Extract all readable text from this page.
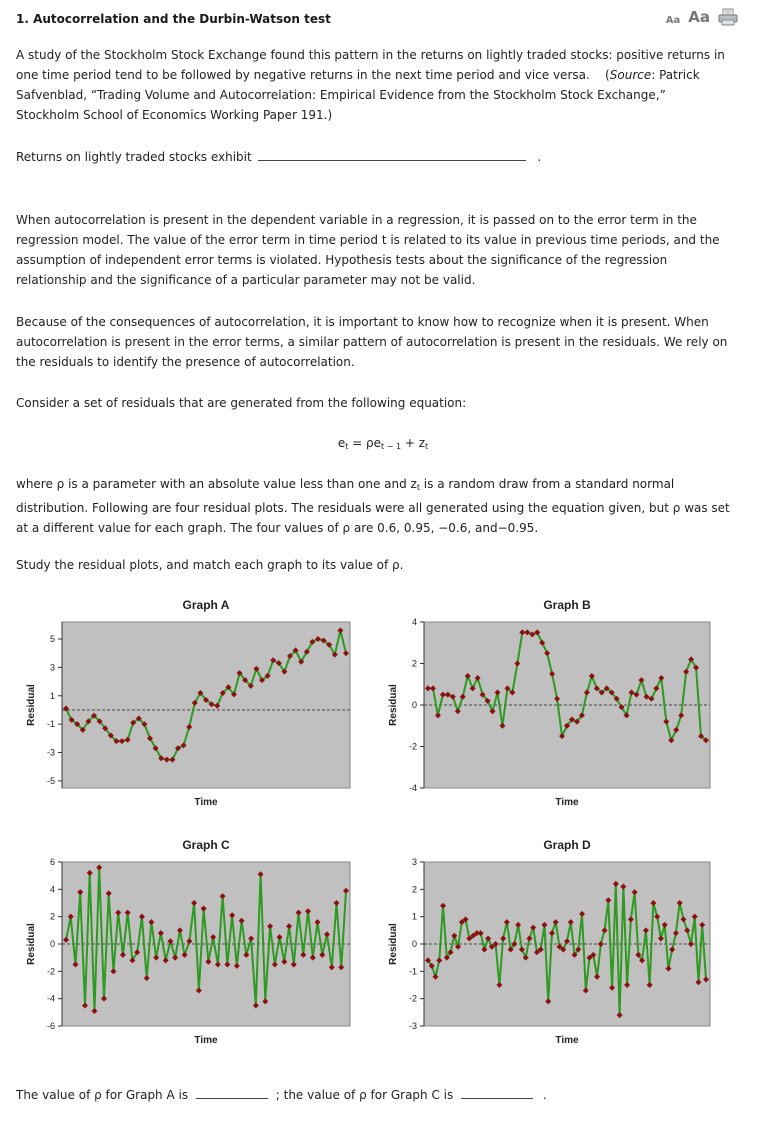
1. Autocorrelation and the Durbin-Watson test	Aa Aa
A study of the Stockholm Stock Exchange found this pattern in the returns on lightly traded stocks: positive returns in one time period tend to be followed by negative returns in the next time period and vice versa.    (Source: Patrick Safvenblad, “Trading Volume and Autocorrelation: Empirical Evidence from the Stockholm Stock Exchange,” Stockholm School of Economics Working Paper 191.)
Returns on lightly traded stocks exhibit	.
When autocorrelation is present in the dependent variable in a regression, it is passed on to the error term in the regression model. The value of the error term in time period t is related to its value in previous time periods, and the assumption of independent error terms is violated. Hypothesis tests about the significance of the regression relationship and the significance of a particular parameter may not be valid.
Because of the consequences of autocorrelation, it is important to know how to recognize when it is present. When autocorrelation is present in the error terms, a similar pattern of autocorrelation is present in the residuals. We rely on the residuals to identify the presence of autocorrelation.
Consider a set of residuals that are generated from the following equation:
$e_t = \rho e_{t - 1} + z_t$
where ρ is a parameter with an absolute value less than one and $z_t$ is a random draw from a standard normal distribution. Following are four residual plots. The residuals were all generated using the equation given, but ρ was set at a different value for each graph. The four values of ρ are 0.6, 0.95, −0.6, and−0.95.
Study the residual plots, and match each graph to its value of ρ.
Graph A
5
3
1
-1
-3
-5
Residual
Time
Graph B
4
2
0
-2
-4
Residual
Time
Graph C
6
4
2
0
-2
-4
-6
Residual
Time
Graph D
3
2
1
0
-1
-2
-3
Residual
Time
The value of ρ for Graph A is	; the value of ρ for Graph C is	.
